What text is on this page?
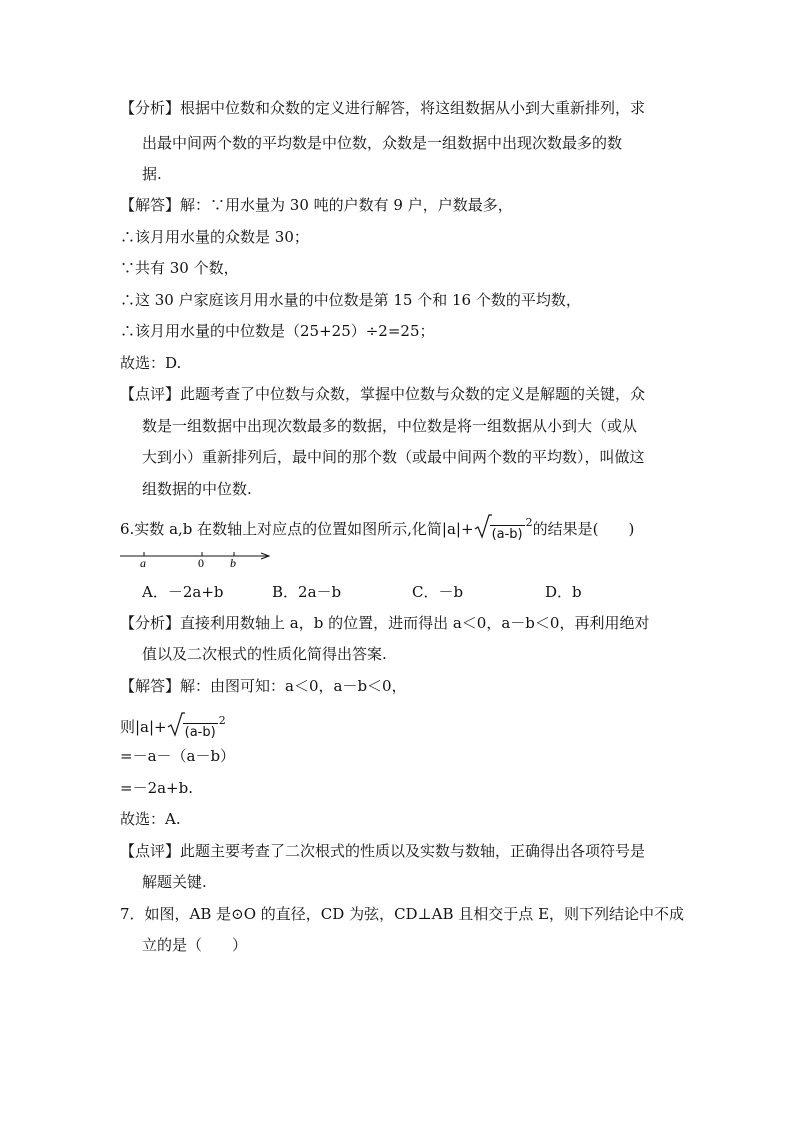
【分析】根据中位数和众数的定义进行解答，将这组数据从小到大重新排列，求
出最中间两个数的平均数是中位数，众数是一组数据中出现次数最多的数
据.
【解答】解：∵用水量为 30 吨的户数有 9 户，户数最多，
∴该月用水量的众数是 30；
∵共有 30 个数，
∴这 30 户家庭该月用水量的中位数是第 15 个和 16 个数的平均数，
∴该月用水量的中位数是（25+25）÷2=25；
故选：D.
【点评】此题考查了中位数与众数，掌握中位数与众数的定义是解题的关键，众
数是一组数据中出现次数最多的数据，中位数是将一组数据从小到大（或从
大到小）重新排列后，最中间的那个数（或最中间两个数的平均数），叫做这
组数据的中位数.
6.实数 a,b 在数轴上对应点的位置如图所示,化简$|a|+ (a-b)^2$的结果是(　　)
a	0 b
A．－2a+b	B．2a－b	C．－b	D．b
【分析】直接利用数轴上 a，b 的位置，进而得出 a＜0，a－b＜0，再利用绝对
值以及二次根式的性质化简得出答案.
【解答】解：由图可知：a＜0，a－b＜0，
则$|a|+ (a-b)^2$
=－a－（a－b）
=－2a+b.
故选：A.
【点评】此题主要考查了二次根式的性质以及实数与数轴，正确得出各项符号是
解题关键.
7．如图，AB 是⊙O 的直径，CD 为弦，CD⊥AB 且相交于点 E，则下列结论中不成
立的是（　　）
